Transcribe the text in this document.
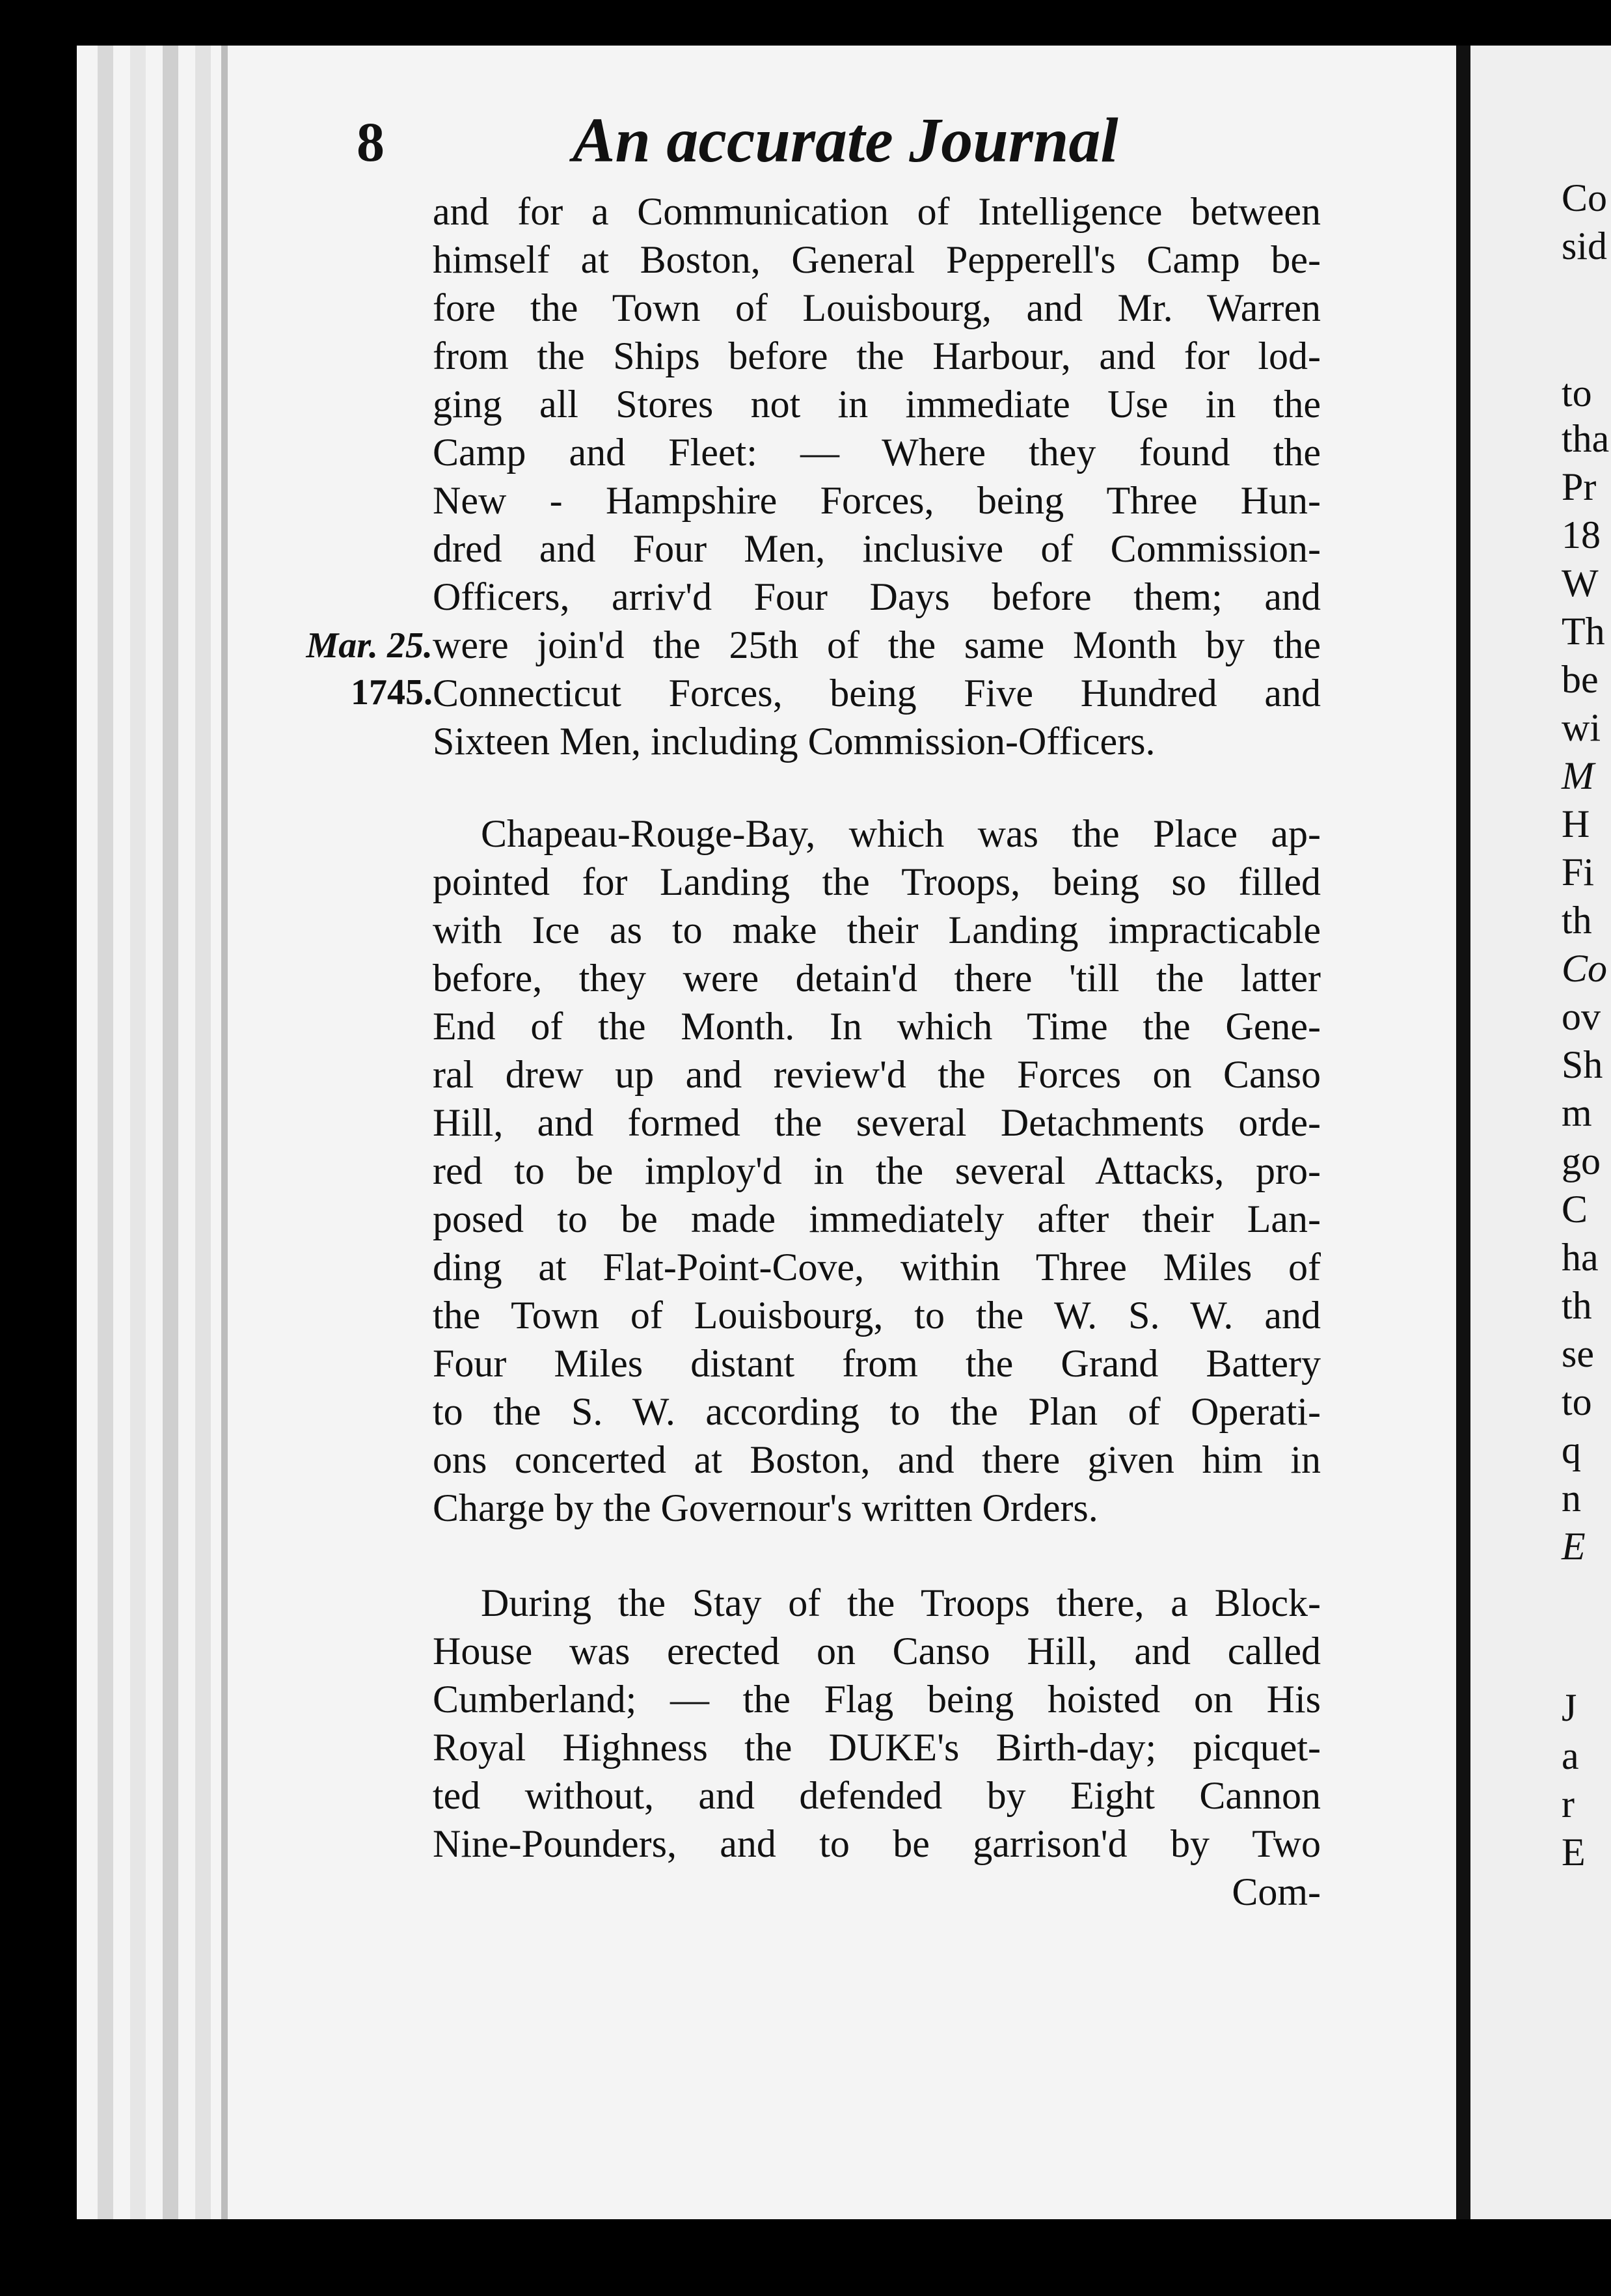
8	An accurate Journal
Mar. 25.
1745.
and for a Communication of Intelligence between
himself at Boston, General Pepperell's Camp be-
fore the Town of Louisbourg, and Mr. Warren
from the Ships before the Harbour, and for lod-
ging all Stores not in immediate Use in the
Camp and Fleet: — Where they found the
New - Hampshire Forces, being Three Hun-
dred and Four Men, inclusive of Commission-
Officers, arriv'd Four Days before them; and
were join'd the 25th of the same Month by the
Connecticut Forces, being Five Hundred and
Sixteen Men, including Commission-Officers.
Chapeau-Rouge-Bay, which was the Place ap-
pointed for Landing the Troops, being so filled
with Ice as to make their Landing impracticable
before, they were detain'd there 'till the latter
End of the Month. In which Time the Gene-
ral drew up and review'd the Forces on Canso
Hill, and formed the several Detachments orde-
red to be imploy'd in the several Attacks, pro-
posed to be made immediately after their Lan-
ding at Flat-Point-Cove, within Three Miles of
the Town of Louisbourg, to the W. S. W. and
Four Miles distant from the Grand Battery
to the S. W. according to the Plan of Operati-
ons concerted at Boston, and there given him in
Charge by the Governour's written Orders.
During the Stay of the Troops there, a Block-
House was erected on Canso Hill, and called
Cumberland; — the Flag being hoisted on His
Royal Highness the DUKE's Birth-day; picquet-
ted without, and defended by Eight Cannon
Nine-Pounders, and to be garrison'd by Two
Com-
Co
sid
to
tha
Pr
18
W
Th
be
wi
M
H
Fi
th
Co
ov
Sh
m
go
C
ha
th
se
to
q
n
E
J
a
r
E
